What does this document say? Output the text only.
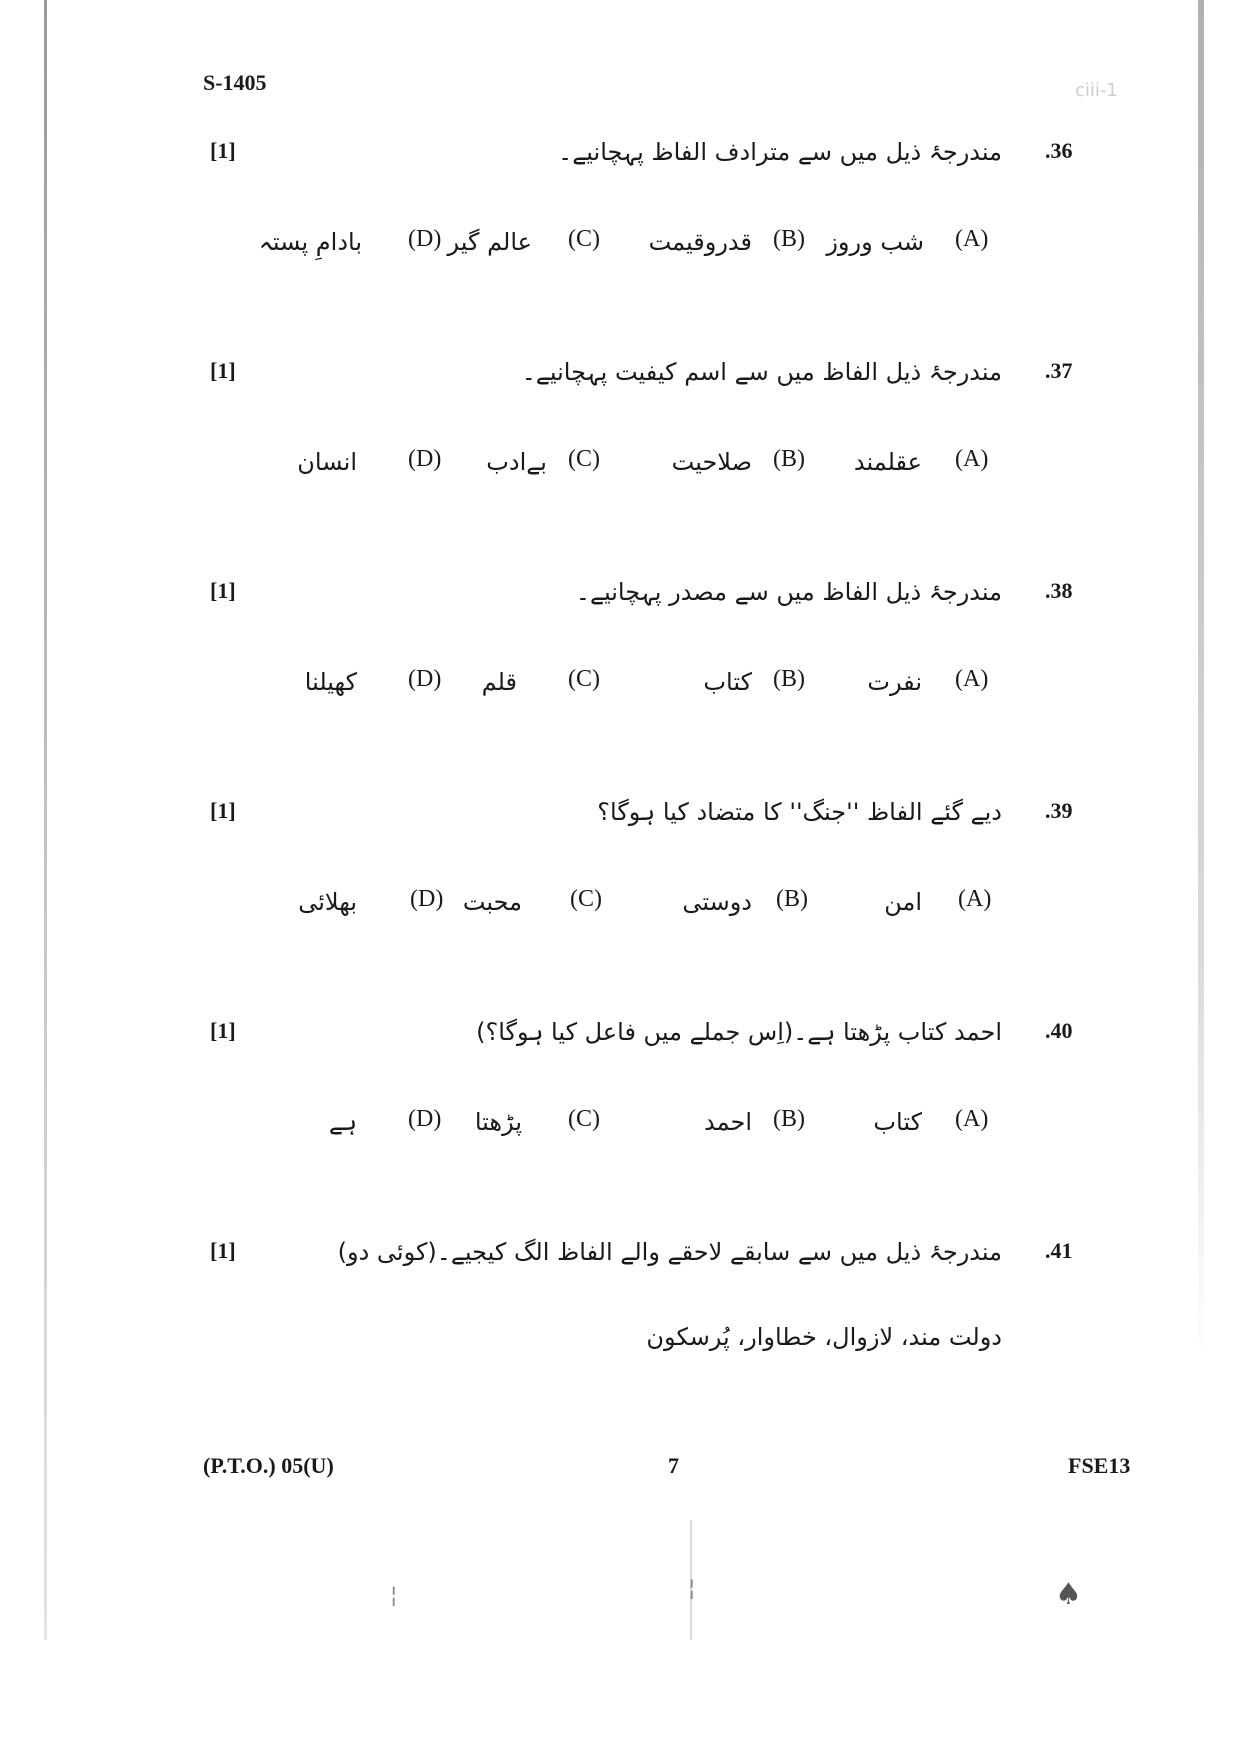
¦	¦	♠
S-1405	ciii-1
[1]	مندرجۂ ذیل میں سے مترادف الفاظ پہچانیے۔ .36
(A)
شب وروز
(B)
قدروقیمت
(C)
عالم گیر
(D)
بادامِ پستہ
[1]	مندرجۂ ذیل الفاظ میں سے اسم کیفیت پہچانیے۔ .37
(A)
عقلمند
(B)
صلاحیت
(C)
بےادب
(D)
انسان
[1]	مندرجۂ ذیل الفاظ میں سے مصدر پہچانیے۔ .38
(A)
نفرت
(B)
کتاب
(C)
قلم
(D)
کھیلنا
[1]	دیے گئے الفاظ ''جنگ'' کا متضاد کیا ہوگا؟ .39
(A)
امن
(B)
دوستی
(C)
محبت
(D)
بھلائی
[1]	احمد کتاب پڑھتا ہے۔(اِس جملے میں فاعل کیا ہوگا؟) .40
(A)
کتاب
(B)
احمد
(C)
پڑھتا
(D)
ہے
[1]	مندرجۂ ذیل میں سے سابقے لاحقے والے الفاظ الگ کیجیے۔(کوئی دو) .41
دولت مند، لازوال، خطاوار، پُرسکون
(P.T.O.) 05(U)	7	FSE13
